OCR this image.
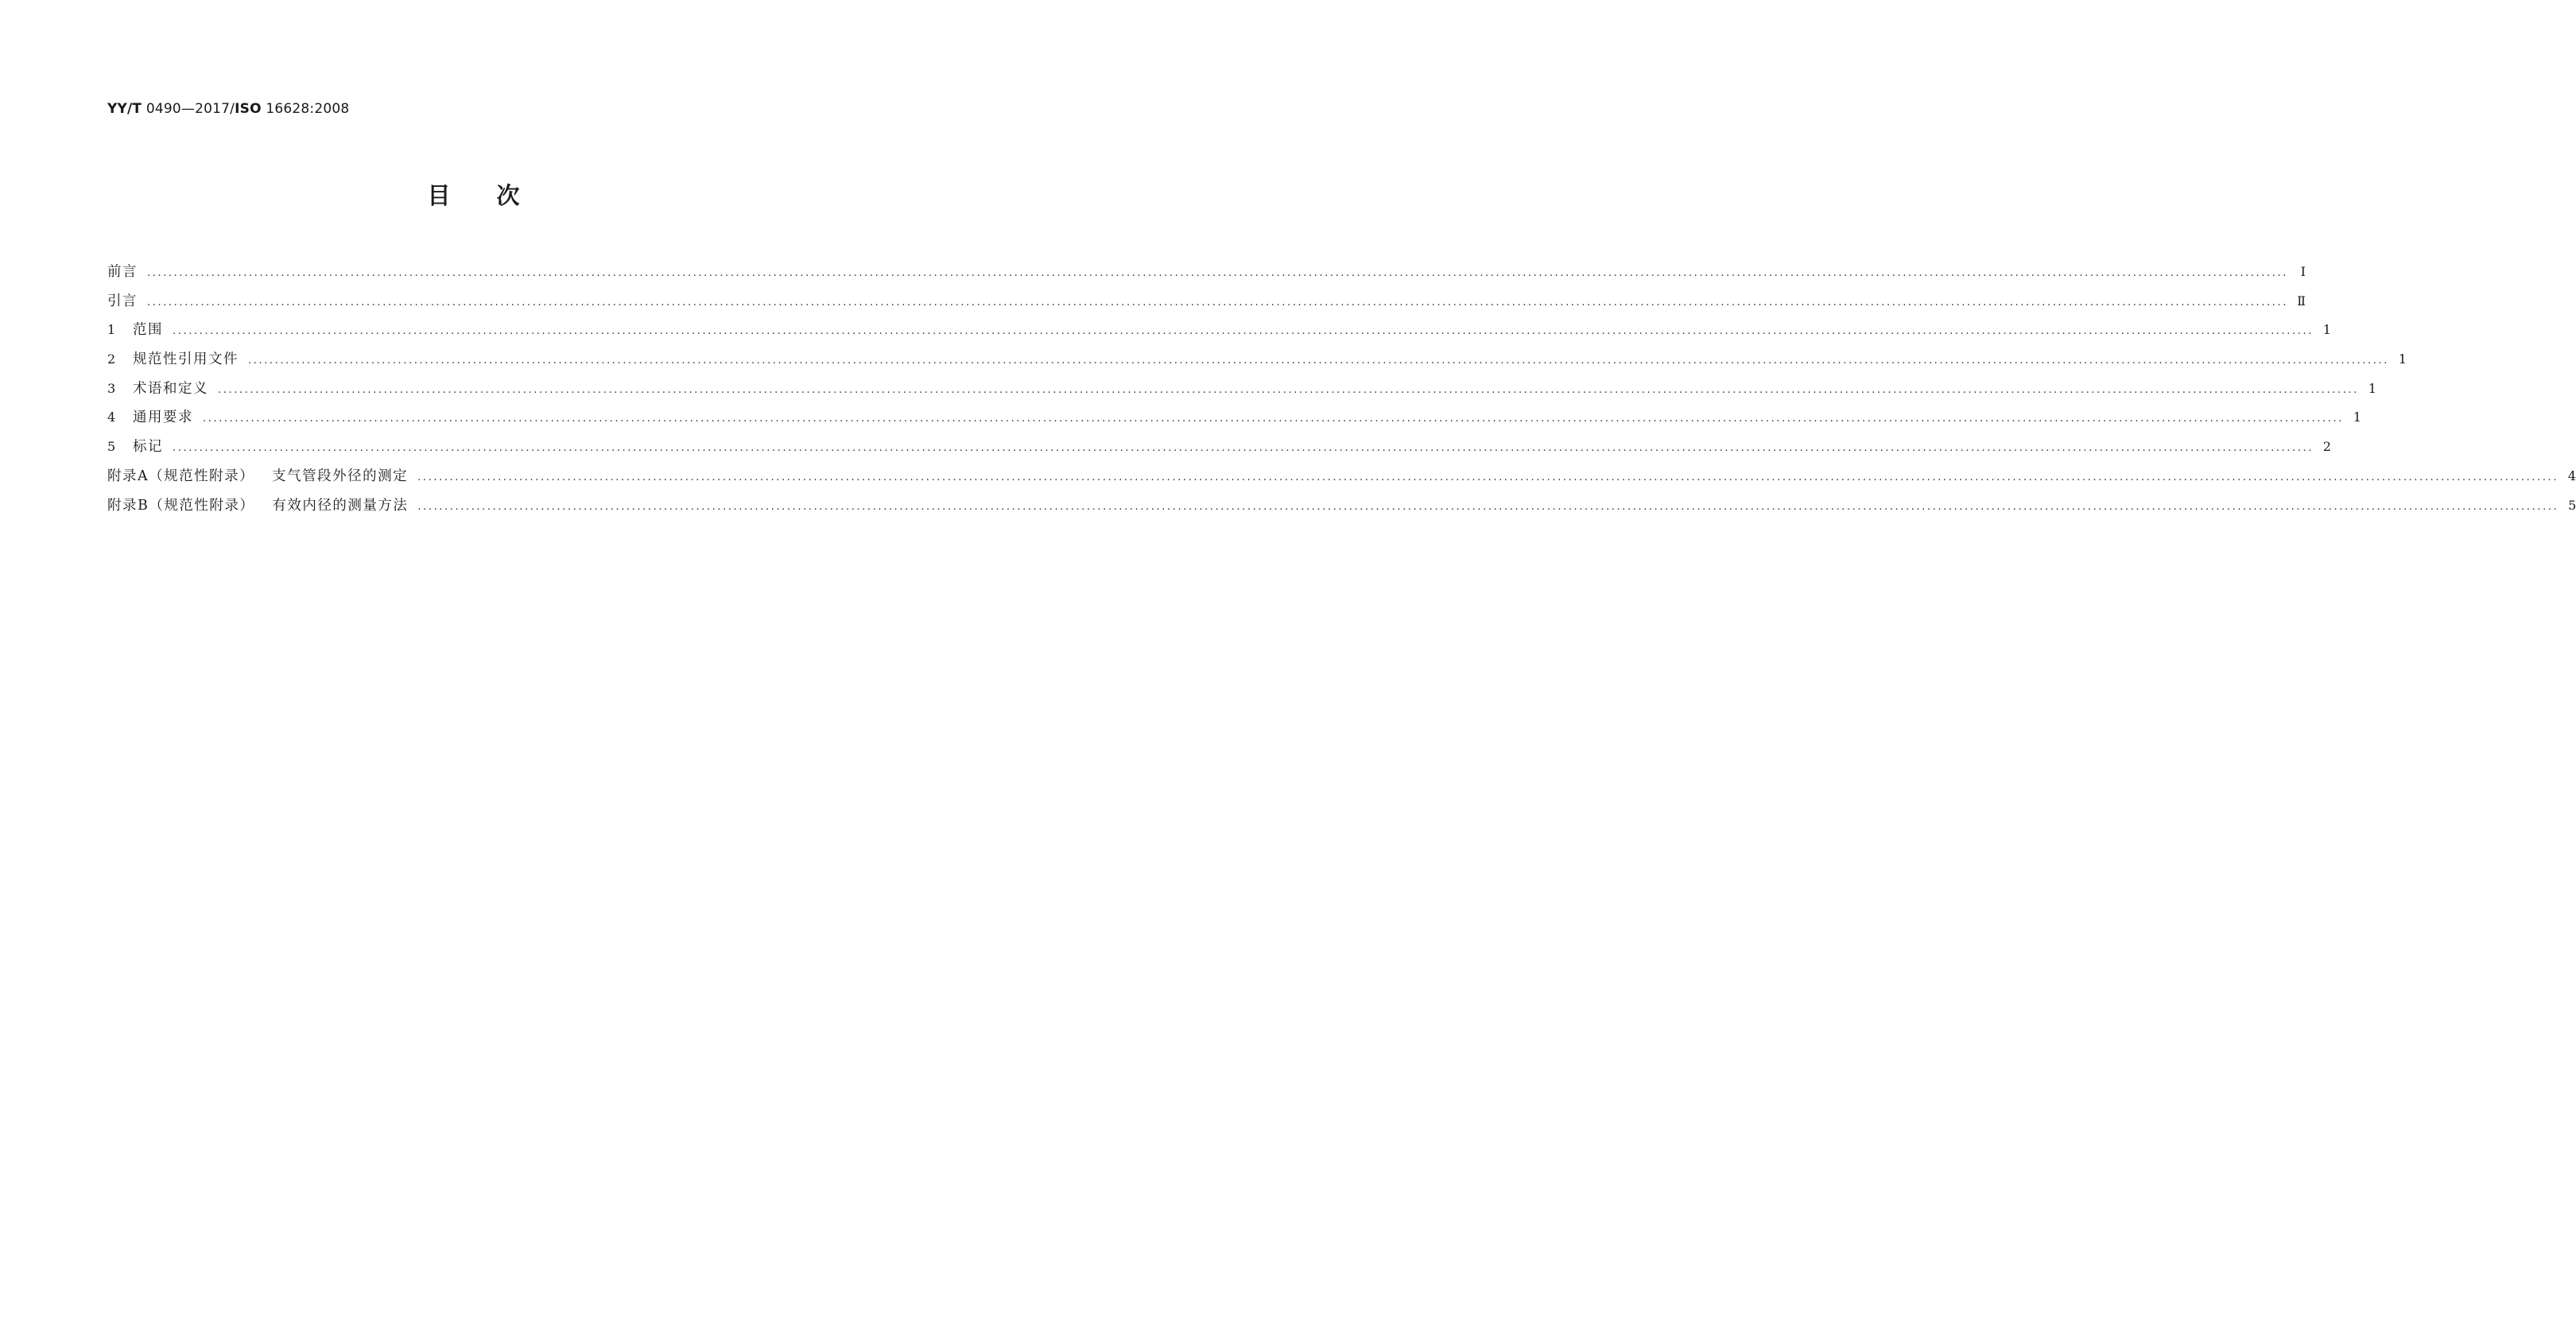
YY/T 0490—2017/ISO 16628:2008
目次
前言 ................................................................................................................................................................................................................................................................................................................................................................................................................ Ⅰ
引言 ................................................................................................................................................................................................................................................................................................................................................................................................................ Ⅱ
1	范围 ................................................................................................................................................................................................................................................................................................................................................................................................................ 1
2	规范性引用文件 ................................................................................................................................................................................................................................................................................................................................................................................................................ 1
3	术语和定义 ................................................................................................................................................................................................................................................................................................................................................................................................................ 1
4	通用要求 ................................................................................................................................................................................................................................................................................................................................................................................................................ 1
5	标记 ................................................................................................................................................................................................................................................................................................................................................................................................................ 2
附录A（规范性附录） 支气管段外径的测定 ................................................................................................................................................................................................................................................................................................................................................................................................................ 4
附录B（规范性附录） 有效内径的测量方法 ................................................................................................................................................................................................................................................................................................................................................................................................................ 5
